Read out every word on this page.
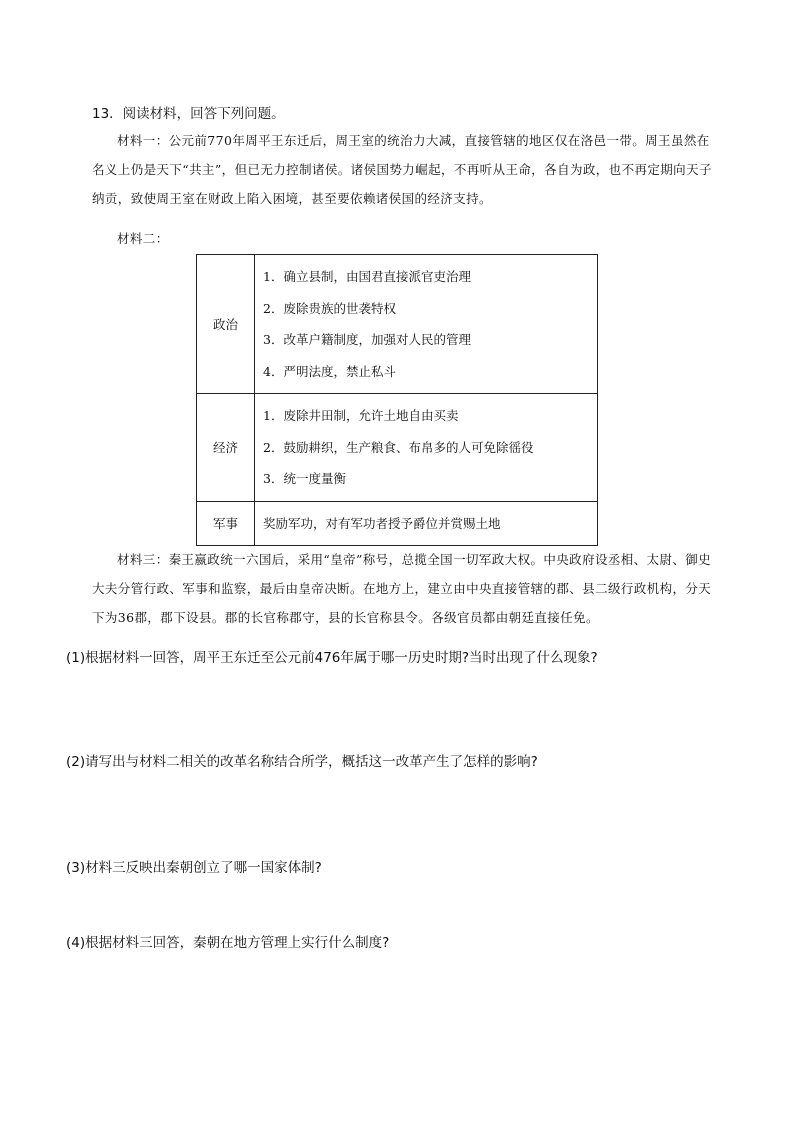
13．阅读材料，回答下列问题。
材料一：公元前770年周平王东迁后，周王室的统治力大减，直接管辖的地区仅在洛邑一带。周王虽然在名义上仍是天下“共主”，但已无力控制诸侯。诸侯国势力崛起，不再听从王命，各自为政，也不再定期向天子纳贡，致使周王室在财政上陷入困境，甚至要依赖诸侯国的经济支持。
材料二：
政治	1．确立县制，由国君直接派官吏治理
2．废除贵族的世袭特权
3．改革户籍制度，加强对人民的管理
4．严明法度，禁止私斗

经济	1．废除井田制，允许土地自由买卖
2．鼓励耕织，生产粮食、布帛多的人可免除徭役
3．统一度量衡

军事	奖励军功，对有军功者授予爵位并赏赐土地
材料三：秦王嬴政统一六国后，采用“皇帝”称号，总揽全国一切军政大权。中央政府设丞相、太尉、御史大夫分管行政、军事和监察，最后由皇帝决断。在地方上，建立由中央直接管辖的郡、县二级行政机构，分天下为36郡，郡下设县。郡的长官称郡守，县的长官称县令。各级官员都由朝廷直接任免。
(1)根据材料一回答，周平王东迁至公元前476年属于哪一历史时期?当时出现了什么现象?
(2)请写出与材料二相关的改革名称结合所学，概括这一改革产生了怎样的影响?
(3)材料三反映出秦朝创立了哪一国家体制?
(4)根据材料三回答，秦朝在地方管理上实行什么制度?
